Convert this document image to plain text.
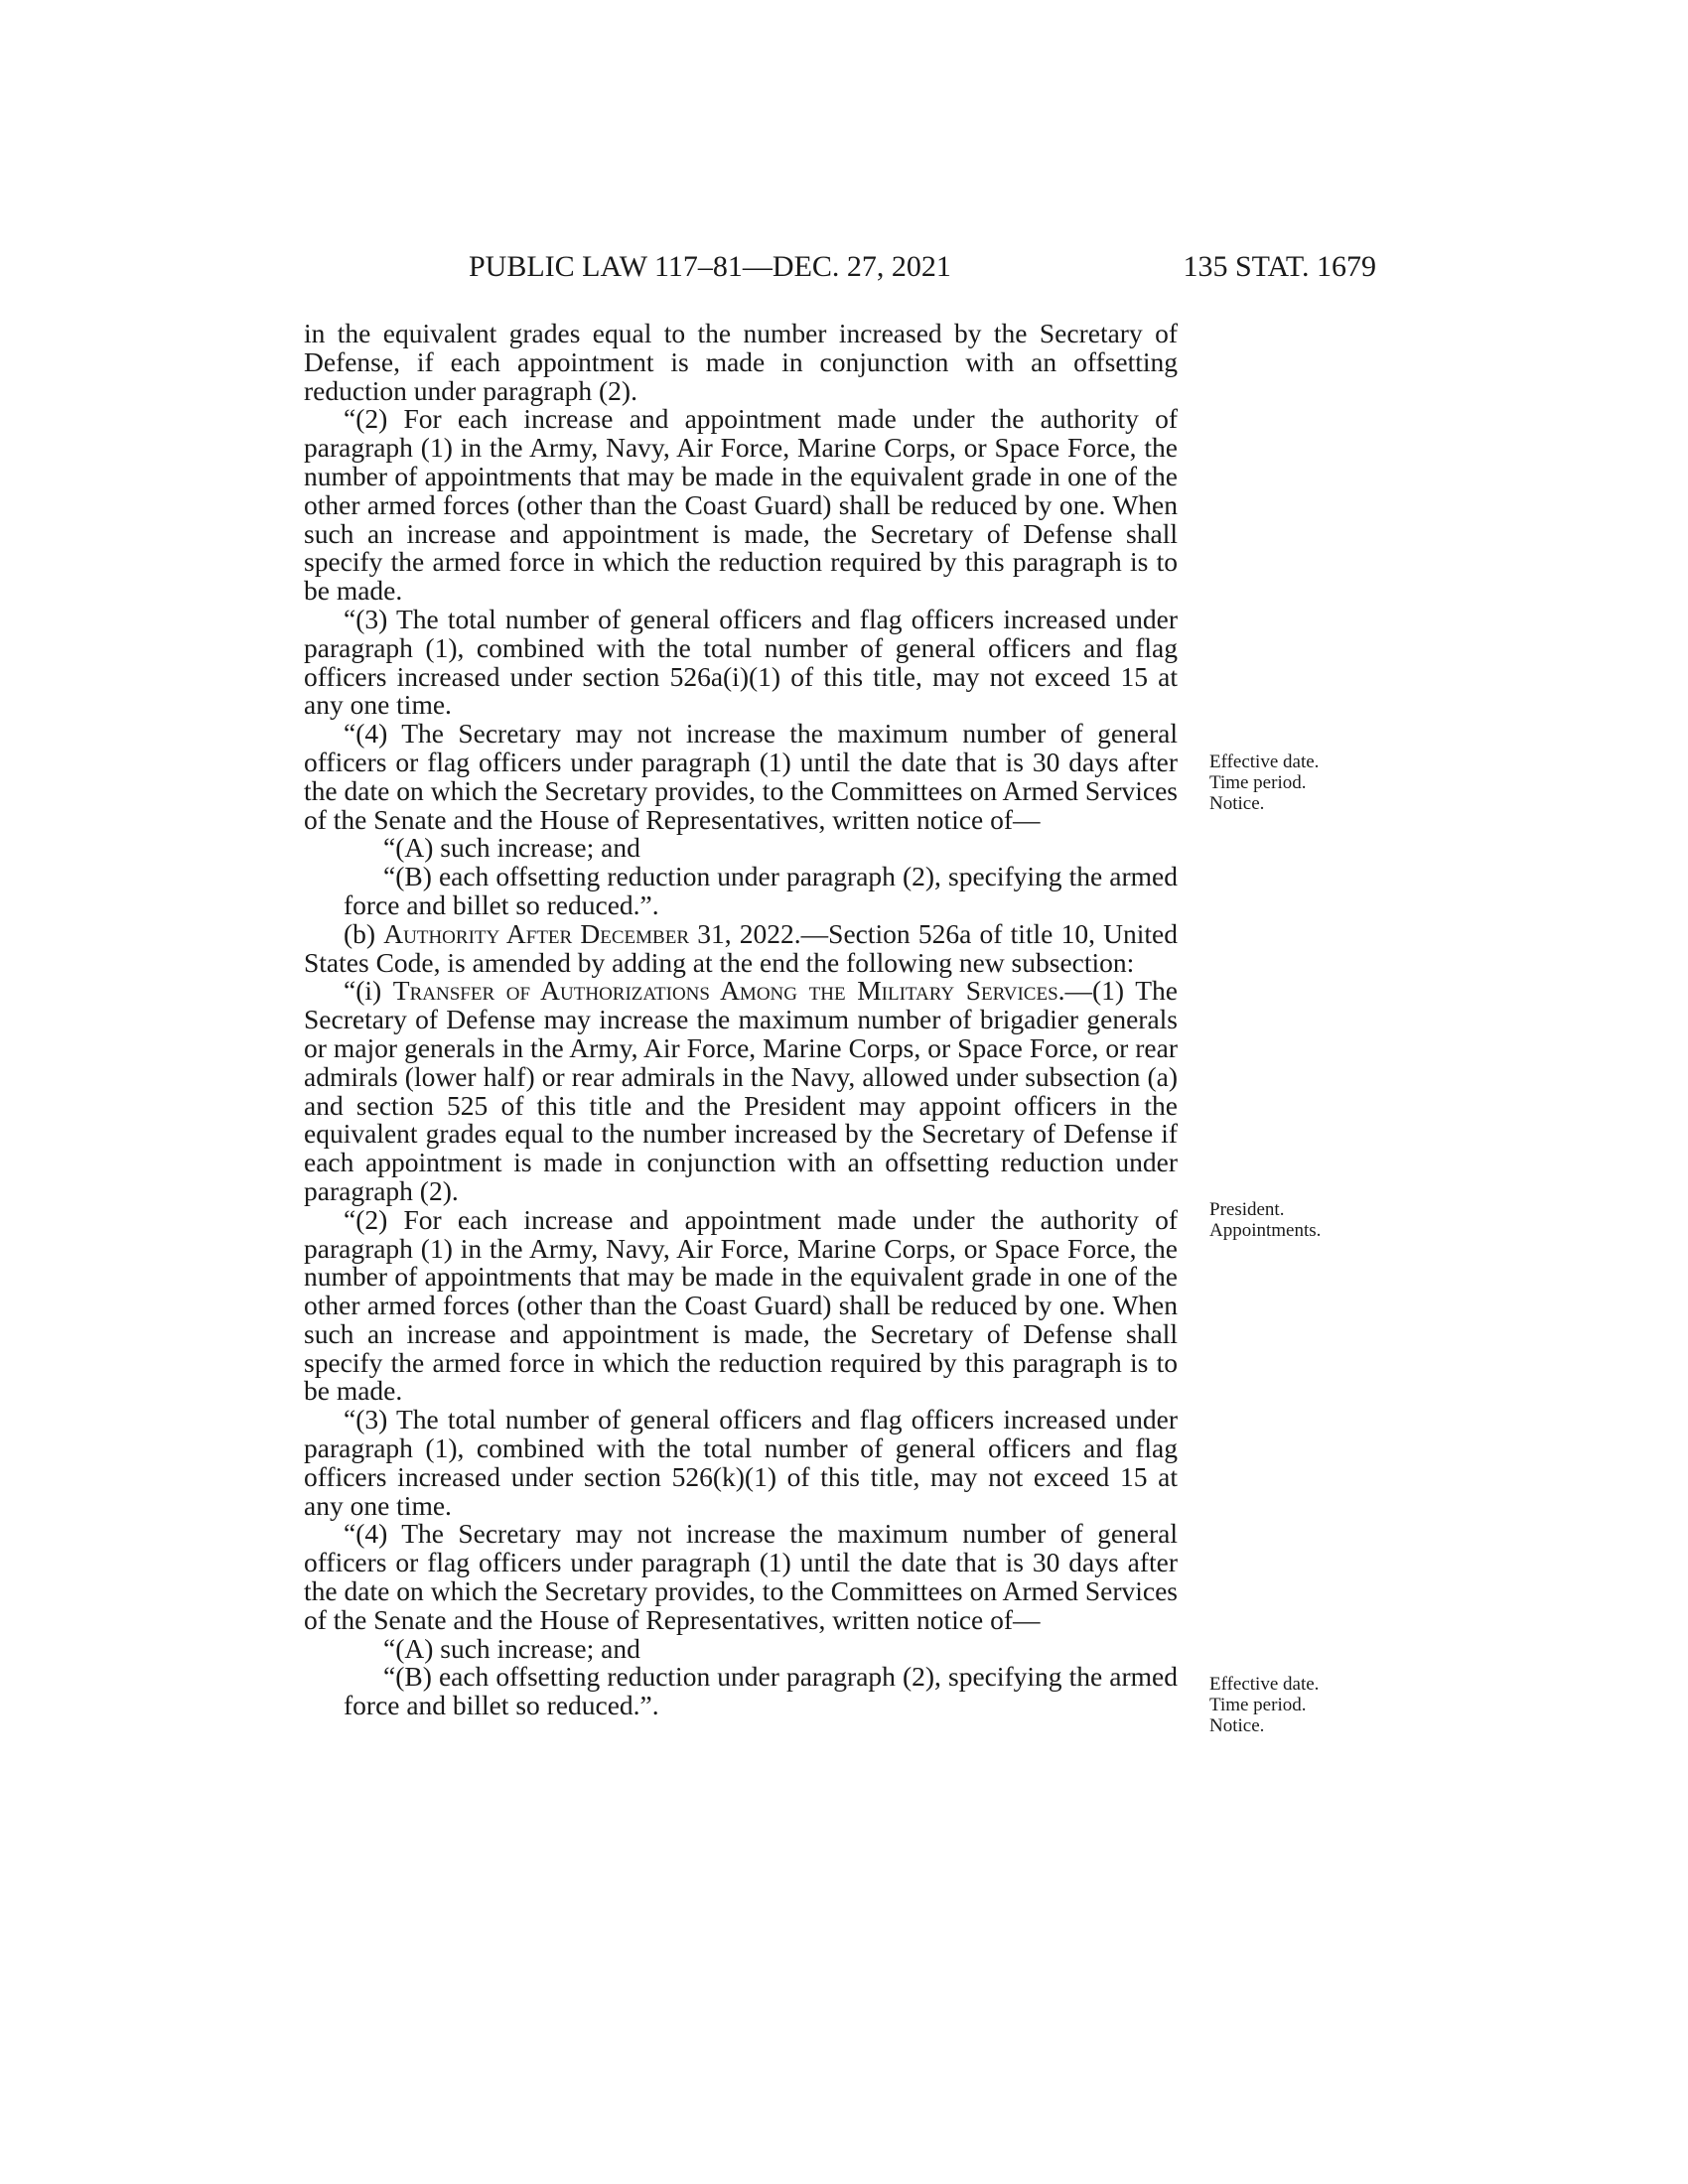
PUBLIC LAW 117–81—DEC. 27, 2021	135 STAT. 1679

in the equivalent grades equal to the number increased by the Secretary of Defense, if each appointment is made in conjunction with an offsetting reduction under paragraph (2).

“(2) For each increase and appointment made under the authority of paragraph (1) in the Army, Navy, Air Force, Marine Corps, or Space Force, the number of appointments that may be made in the equivalent grade in one of the other armed forces (other than the Coast Guard) shall be reduced by one. When such an increase and appointment is made, the Secretary of Defense shall specify the armed force in which the reduction required by this paragraph is to be made.

“(3) The total number of general officers and flag officers increased under paragraph (1), combined with the total number of general officers and flag officers increased under section 526a(i)(1) of this title, may not exceed 15 at any one time.

“(4) The Secretary may not increase the maximum number of general officers or flag officers under paragraph (1) until the date that is 30 days after the date on which the Secretary provides, to the Committees on Armed Services of the Senate and the House of Representatives, written notice of—

“(A) such increase; and

“(B) each offsetting reduction under paragraph (2), specifying the armed force and billet so reduced.”.

(b) Authority After December 31, 2022.—Section 526a of title 10, United States Code, is amended by adding at the end the following new subsection:

“(i) Transfer of Authorizations Among the Military Services.—(1) The Secretary of Defense may increase the maximum number of brigadier generals or major generals in the Army, Air Force, Marine Corps, or Space Force, or rear admirals (lower half) or rear admirals in the Navy, allowed under subsection (a) and section 525 of this title and the President may appoint officers in the equivalent grades equal to the number increased by the Secretary of Defense if each appointment is made in conjunction with an offsetting reduction under paragraph (2).

“(2) For each increase and appointment made under the authority of paragraph (1) in the Army, Navy, Air Force, Marine Corps, or Space Force, the number of appointments that may be made in the equivalent grade in one of the other armed forces (other than the Coast Guard) shall be reduced by one. When such an increase and appointment is made, the Secretary of Defense shall specify the armed force in which the reduction required by this paragraph is to be made.

“(3) The total number of general officers and flag officers increased under paragraph (1), combined with the total number of general officers and flag officers increased under section 526(k)(1) of this title, may not exceed 15 at any one time.

“(4) The Secretary may not increase the maximum number of general officers or flag officers under paragraph (1) until the date that is 30 days after the date on which the Secretary provides, to the Committees on Armed Services of the Senate and the House of Representatives, written notice of—

“(A) such increase; and

“(B) each offsetting reduction under paragraph (2), specifying the armed force and billet so reduced.”.

Effective date.
Time period.
Notice.
President.
Appointments.
Effective date.
Time period.
Notice.
